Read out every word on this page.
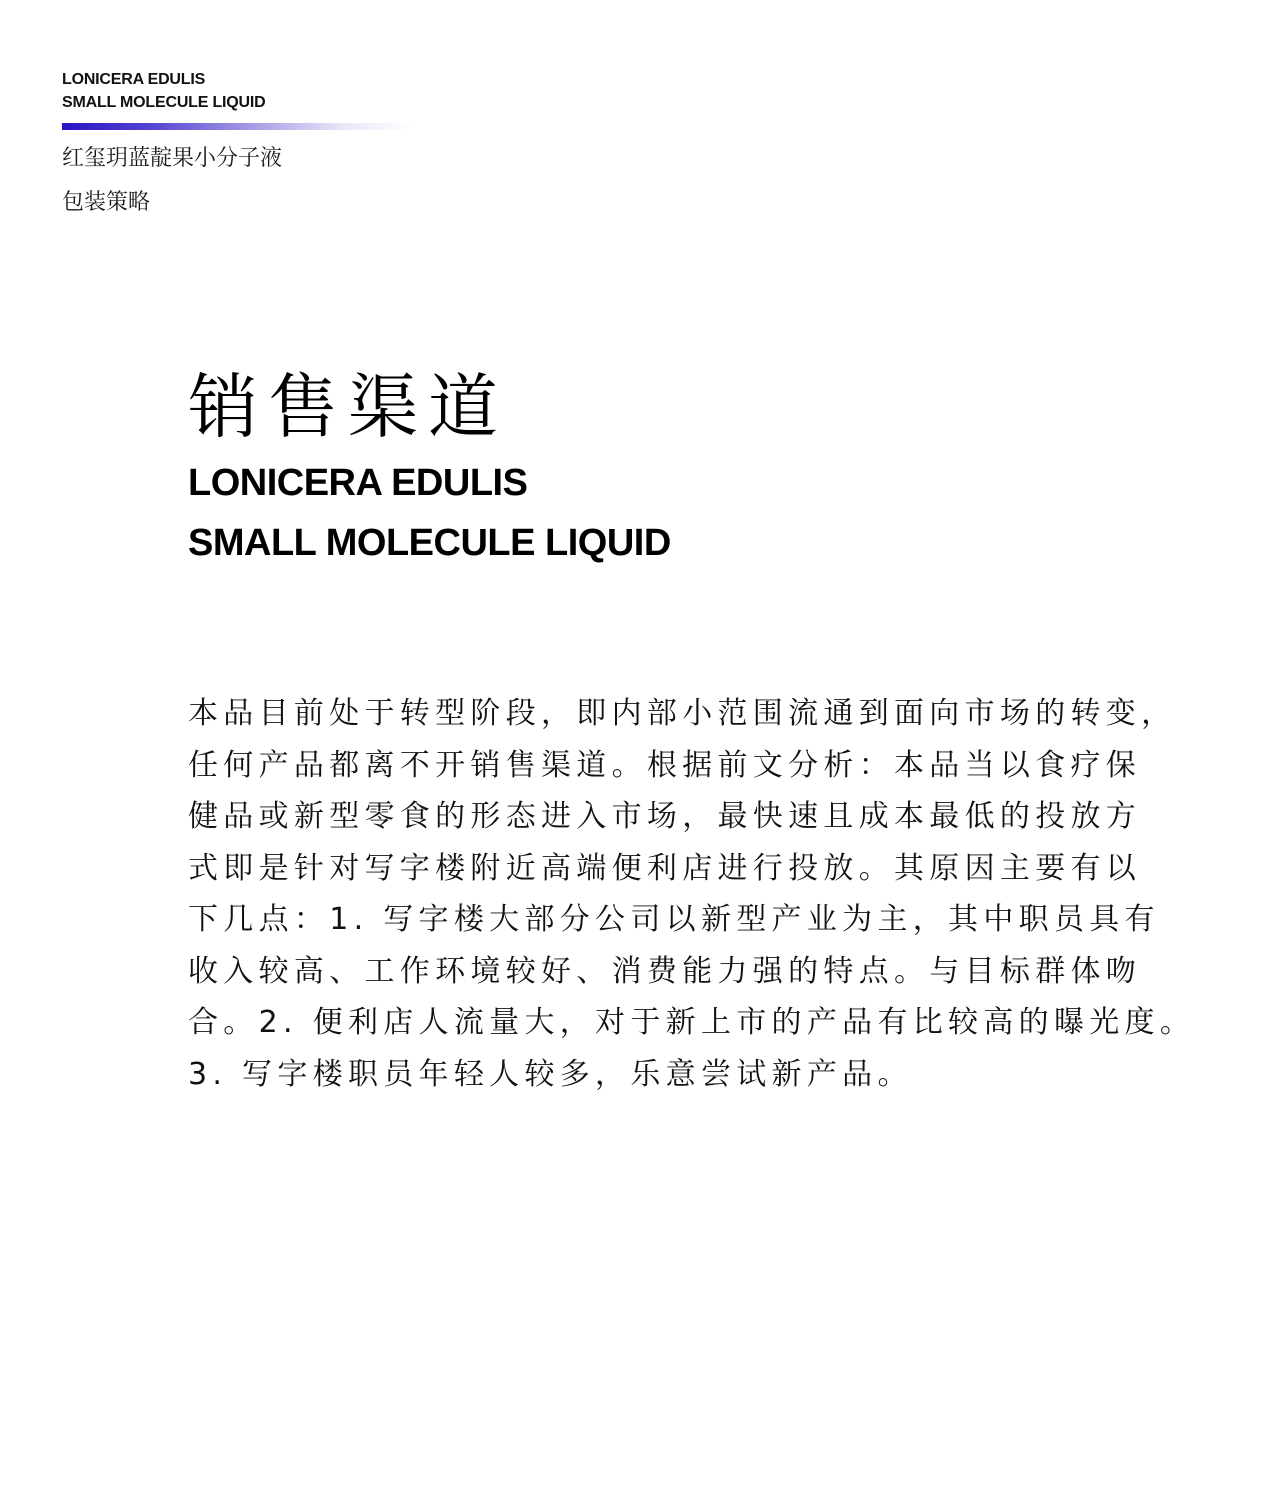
LONICERA EDULIS
SMALL MOLECULE LIQUID
红玺玥蓝靛果小分子液
包装策略
销售渠道
LONICERA EDULIS
SMALL MOLECULE LIQUID
本品目前处于转型阶段，即内部小范围流通到面向市场的转变，
任何产品都离不开销售渠道。根据前文分析：本品当以食疗保
健品或新型零食的形态进入市场，最快速且成本最低的投放方
式即是针对写字楼附近高端便利店进行投放。其原因主要有以
下几点：1. 写字楼大部分公司以新型产业为主，其中职员具有
收入较高、工作环境较好、消费能力强的特点。与目标群体吻
合。2. 便利店人流量大，对于新上市的产品有比较高的曝光度。
3. 写字楼职员年轻人较多，乐意尝试新产品。
